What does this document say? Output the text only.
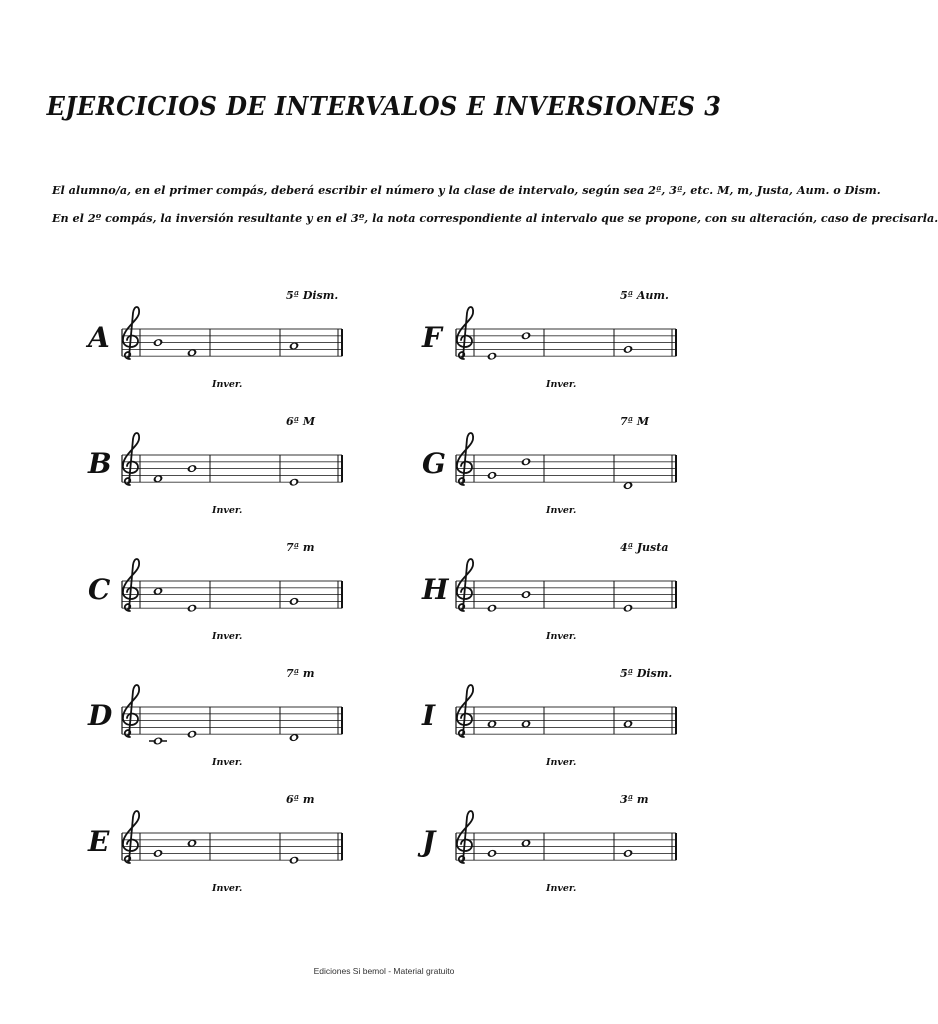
EJERCICIOS DE INTERVALOS E INVERSIONES 3
El alumno/a, en el primer compás, deberá escribir el número y la clase de intervalo, según sea 2ª, 3ª, etc. M, m, Justa, Aum. o Dism.
En el 2º compás, la inversión resultante y en el 3º, la nota correspondiente al intervalo que se propone, con su alteración, caso de precisarla.
A
5ª Dism.
Inver.
B
6ª M
Inver.
C
7ª m
Inver.
D
7ª m
Inver.
E
6ª m
Inver.
F
5ª Aum.
Inver.
G
7ª M
Inver.
H
4ª Justa
Inver.
I
5ª Dism.
Inver.
J
3ª m
Inver.
Ediciones Si bemol - Material gratuito
